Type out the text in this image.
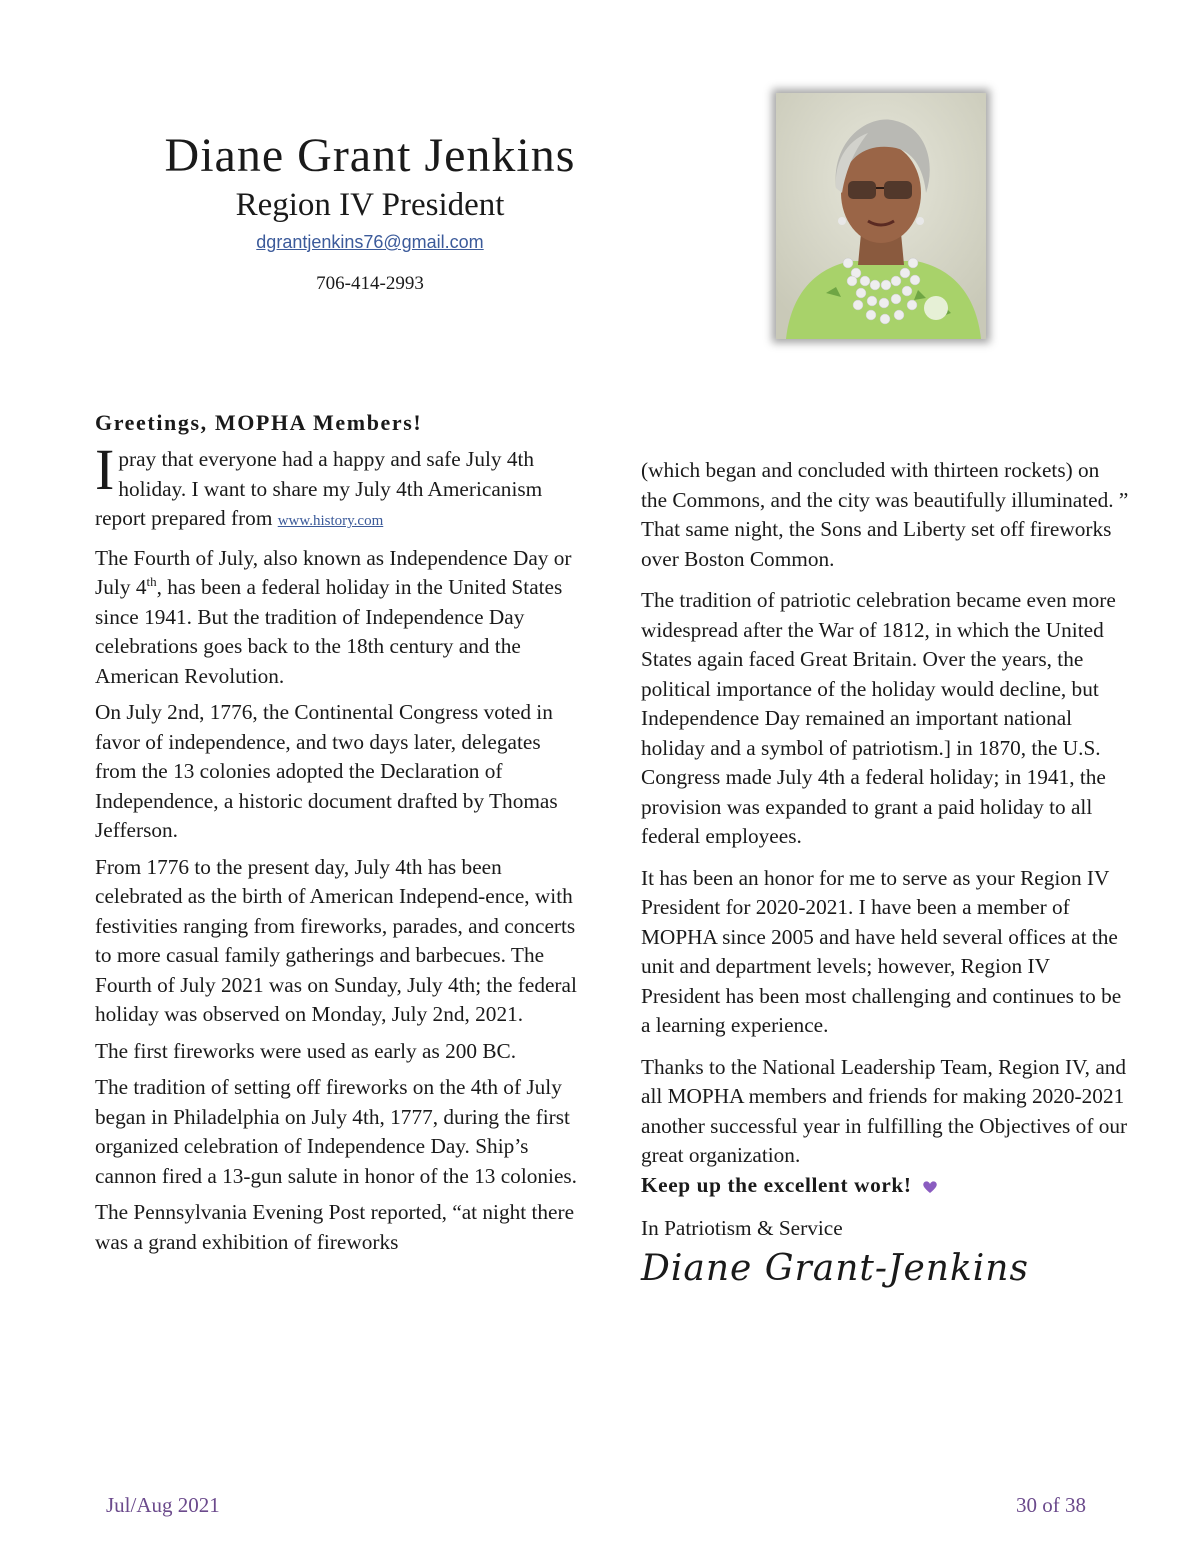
Diane Grant Jenkins
Region IV President
dgrantjenkins76@gmail.com
706-414-2993

Greetings, MOPHA Members!

I pray that everyone had a happy and safe July 4th holiday. I want to share my July 4th Americanism report prepared from www.history.com

The Fourth of July, also known as Independence Day or July 4th, has been a federal holiday in the United States since 1941. But the tradition of Independence Day celebrations goes back to the 18th century and the American Revolution.

On July 2nd, 1776, the Continental Congress voted in favor of independence, and two days later, delegates from the 13 colonies adopted the Declaration of Independence, a historic document drafted by Thomas Jefferson.

From 1776 to the present day, July 4th has been celebrated as the birth of American Independ-ence, with festivities ranging from fireworks, parades, and concerts to more casual family gatherings and barbecues. The Fourth of July 2021 was on Sunday, July 4th; the federal holiday was observed on Monday, July 2nd, 2021.

The first fireworks were used as early as 200 BC.

The tradition of setting off fireworks on the 4th of July began in Philadelphia on July 4th, 1777, during the first organized celebration of Independence Day. Ship’s cannon fired a 13-gun salute in honor of the 13 colonies.

The Pennsylvania Evening Post reported, “at night there was a grand exhibition of fireworks

(which began and concluded with thirteen rockets) on the Commons, and the city was beautifully illuminated. ” That same night, the Sons and Liberty set off fireworks over Boston Common.

The tradition of patriotic celebration became even more widespread after the War of 1812, in which the United States again faced Great Britain. Over the years, the political importance of the holiday would decline, but Independence Day remained an important national holiday and a symbol of patriotism.] in 1870, the U.S. Congress made July 4th a federal holiday; in 1941, the provision was expanded to grant a paid holiday to all federal employees.

It has been an honor for me to serve as your Region IV President for 2020-2021. I have been a member of MOPHA since 2005 and have held several offices at the unit and department levels; however, Region IV President has been most challenging and continues to be a learning experience.

Thanks to the National Leadership Team, Region IV, and all MOPHA members and friends for making 2020-2021 another successful year in fulfilling the Objectives of our great organization.
Keep up the excellent work!

In Patriotism & Service

Diane Grant-Jenkins
Jul/Aug 2021	30 of 38
